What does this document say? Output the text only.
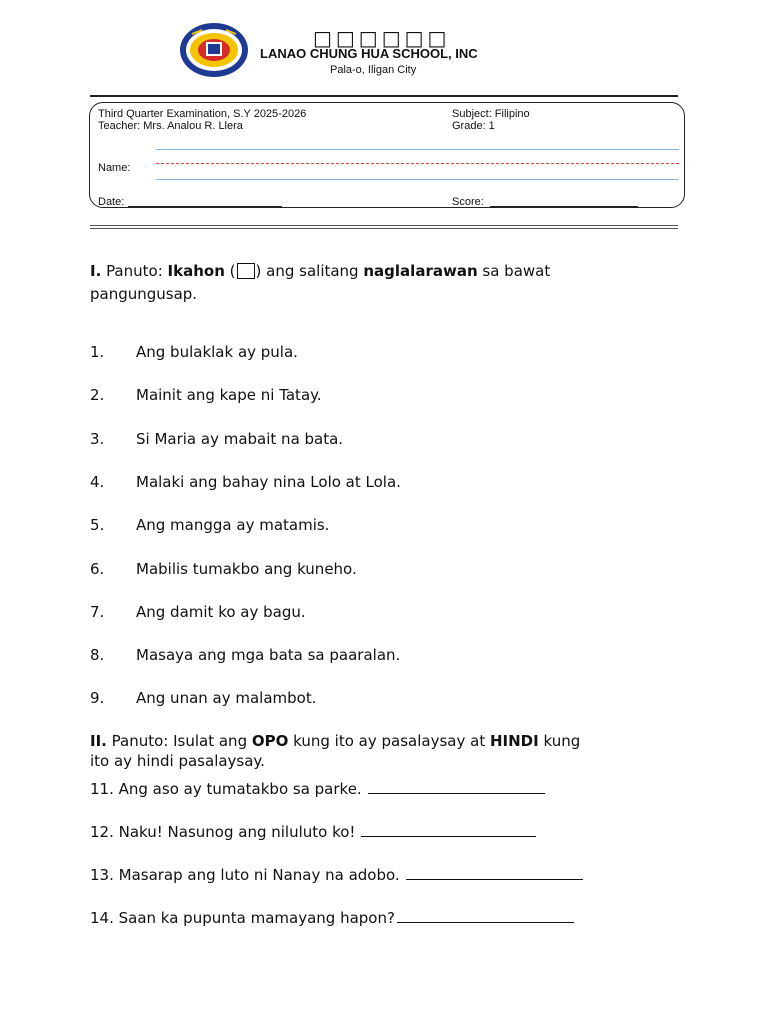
□□□□□□
LANAO CHUNG HUA SCHOOL, INC
Pala-o, Iligan City
Third Quarter Examination, S.Y 2025-2026
Teacher: Mrs. Analou R. Llera
Subject: Filipino
Grade: 1
Name:
Date:	Score:
I. Panuto: Ikahon ( ) ang salitang naglalarawan sa bawat
pangungusap.
1. Ang bulaklak ay pula.
2. Mainit ang kape ni Tatay.
3. Si Maria ay mabait na bata.
4. Malaki ang bahay nina Lolo at Lola.
5. Ang mangga ay matamis.
6. Mabilis tumakbo ang kuneho.
7. Ang damit ko ay bagu.
8. Masaya ang mga bata sa paaralan.
9. Ang unan ay malambot.
II. Panuto: Isulat ang OPO kung ito ay pasalaysay at HINDI kung
ito ay hindi pasalaysay.
11. Ang aso ay tumatakbo sa parke.
12. Naku! Nasunog ang niluluto ko!
13. Masarap ang luto ni Nanay na adobo.
14. Saan ka pupunta mamayang hapon?
